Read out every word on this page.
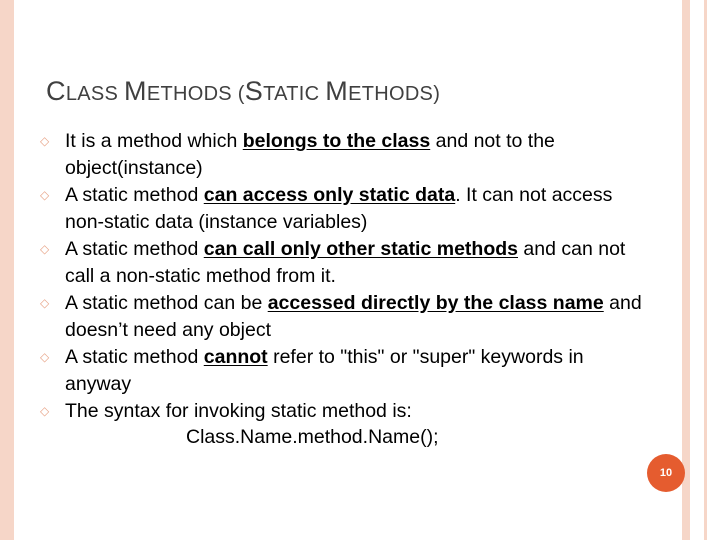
CLASS METHODS (STATIC METHODS)
◇ It is a method which belongs to the class and not to the object(instance)
◇ A static method can access only static data. It can not access non-static data (instance variables)
◇ A static method can call only other static methods and can not call a non-static method from it.
◇ A static method can be accessed directly by the class name and doesn’t need any object
◇ A static method cannot refer to "this" or "super" keywords in anyway
◇ The syntax for invoking static method is:
Class.Name.method.Name();
10
